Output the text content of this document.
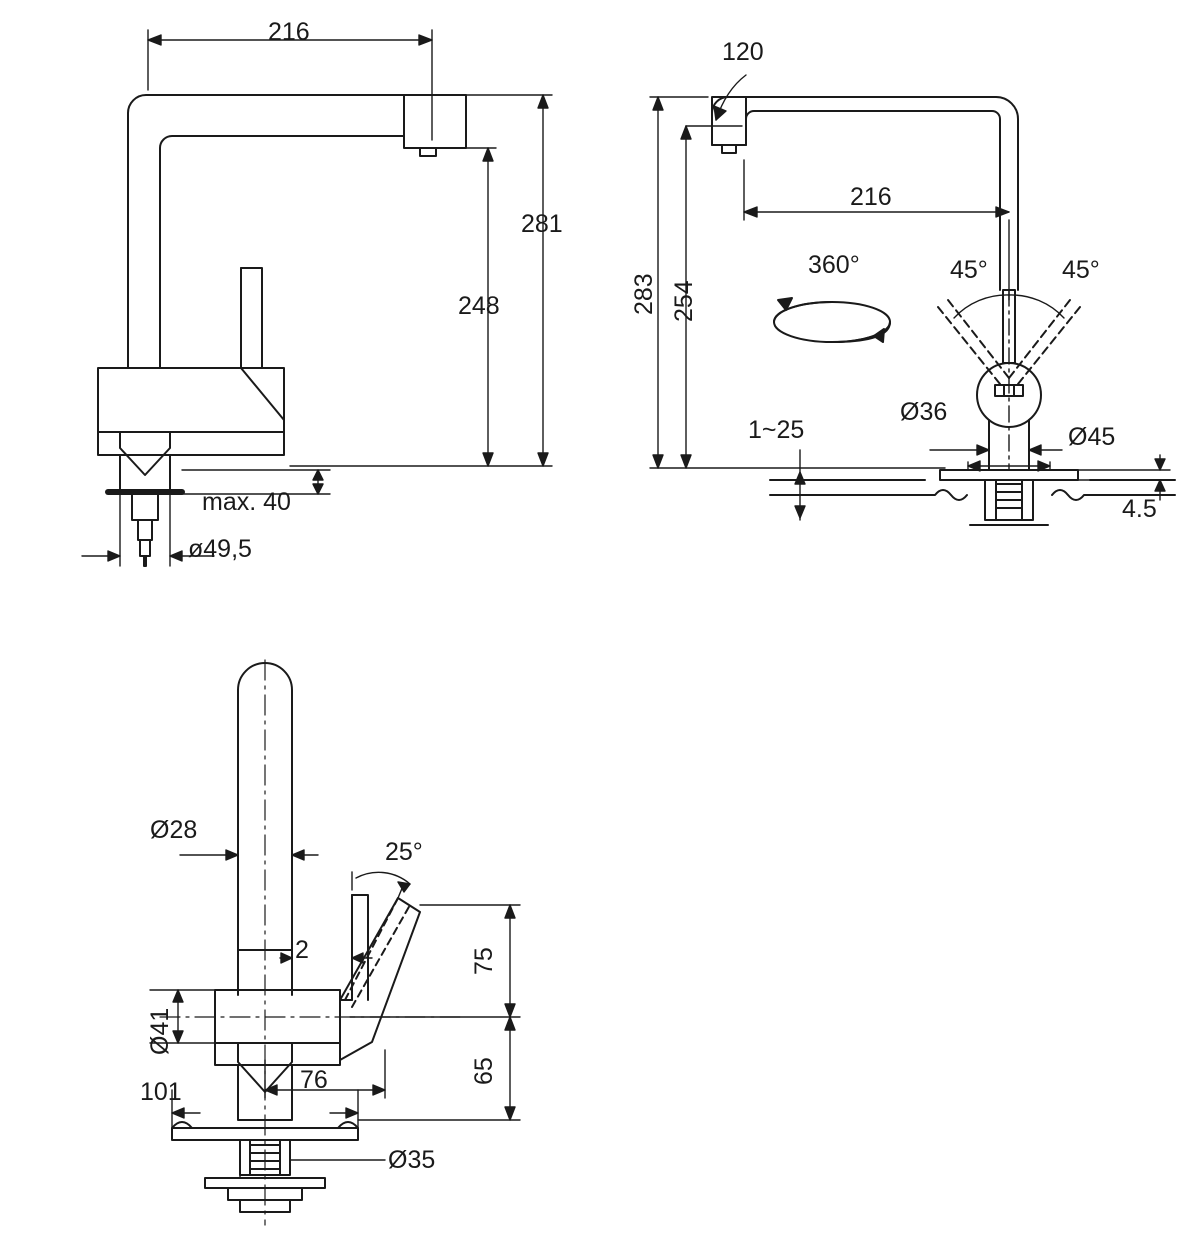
216
281
248
max. 40
ø49,5
120
216
283 254
360°	45°	45°
1~25
Ø36
Ø45
4.5
Ø28
25°
2
Ø41
75
65
101	76
Ø35
